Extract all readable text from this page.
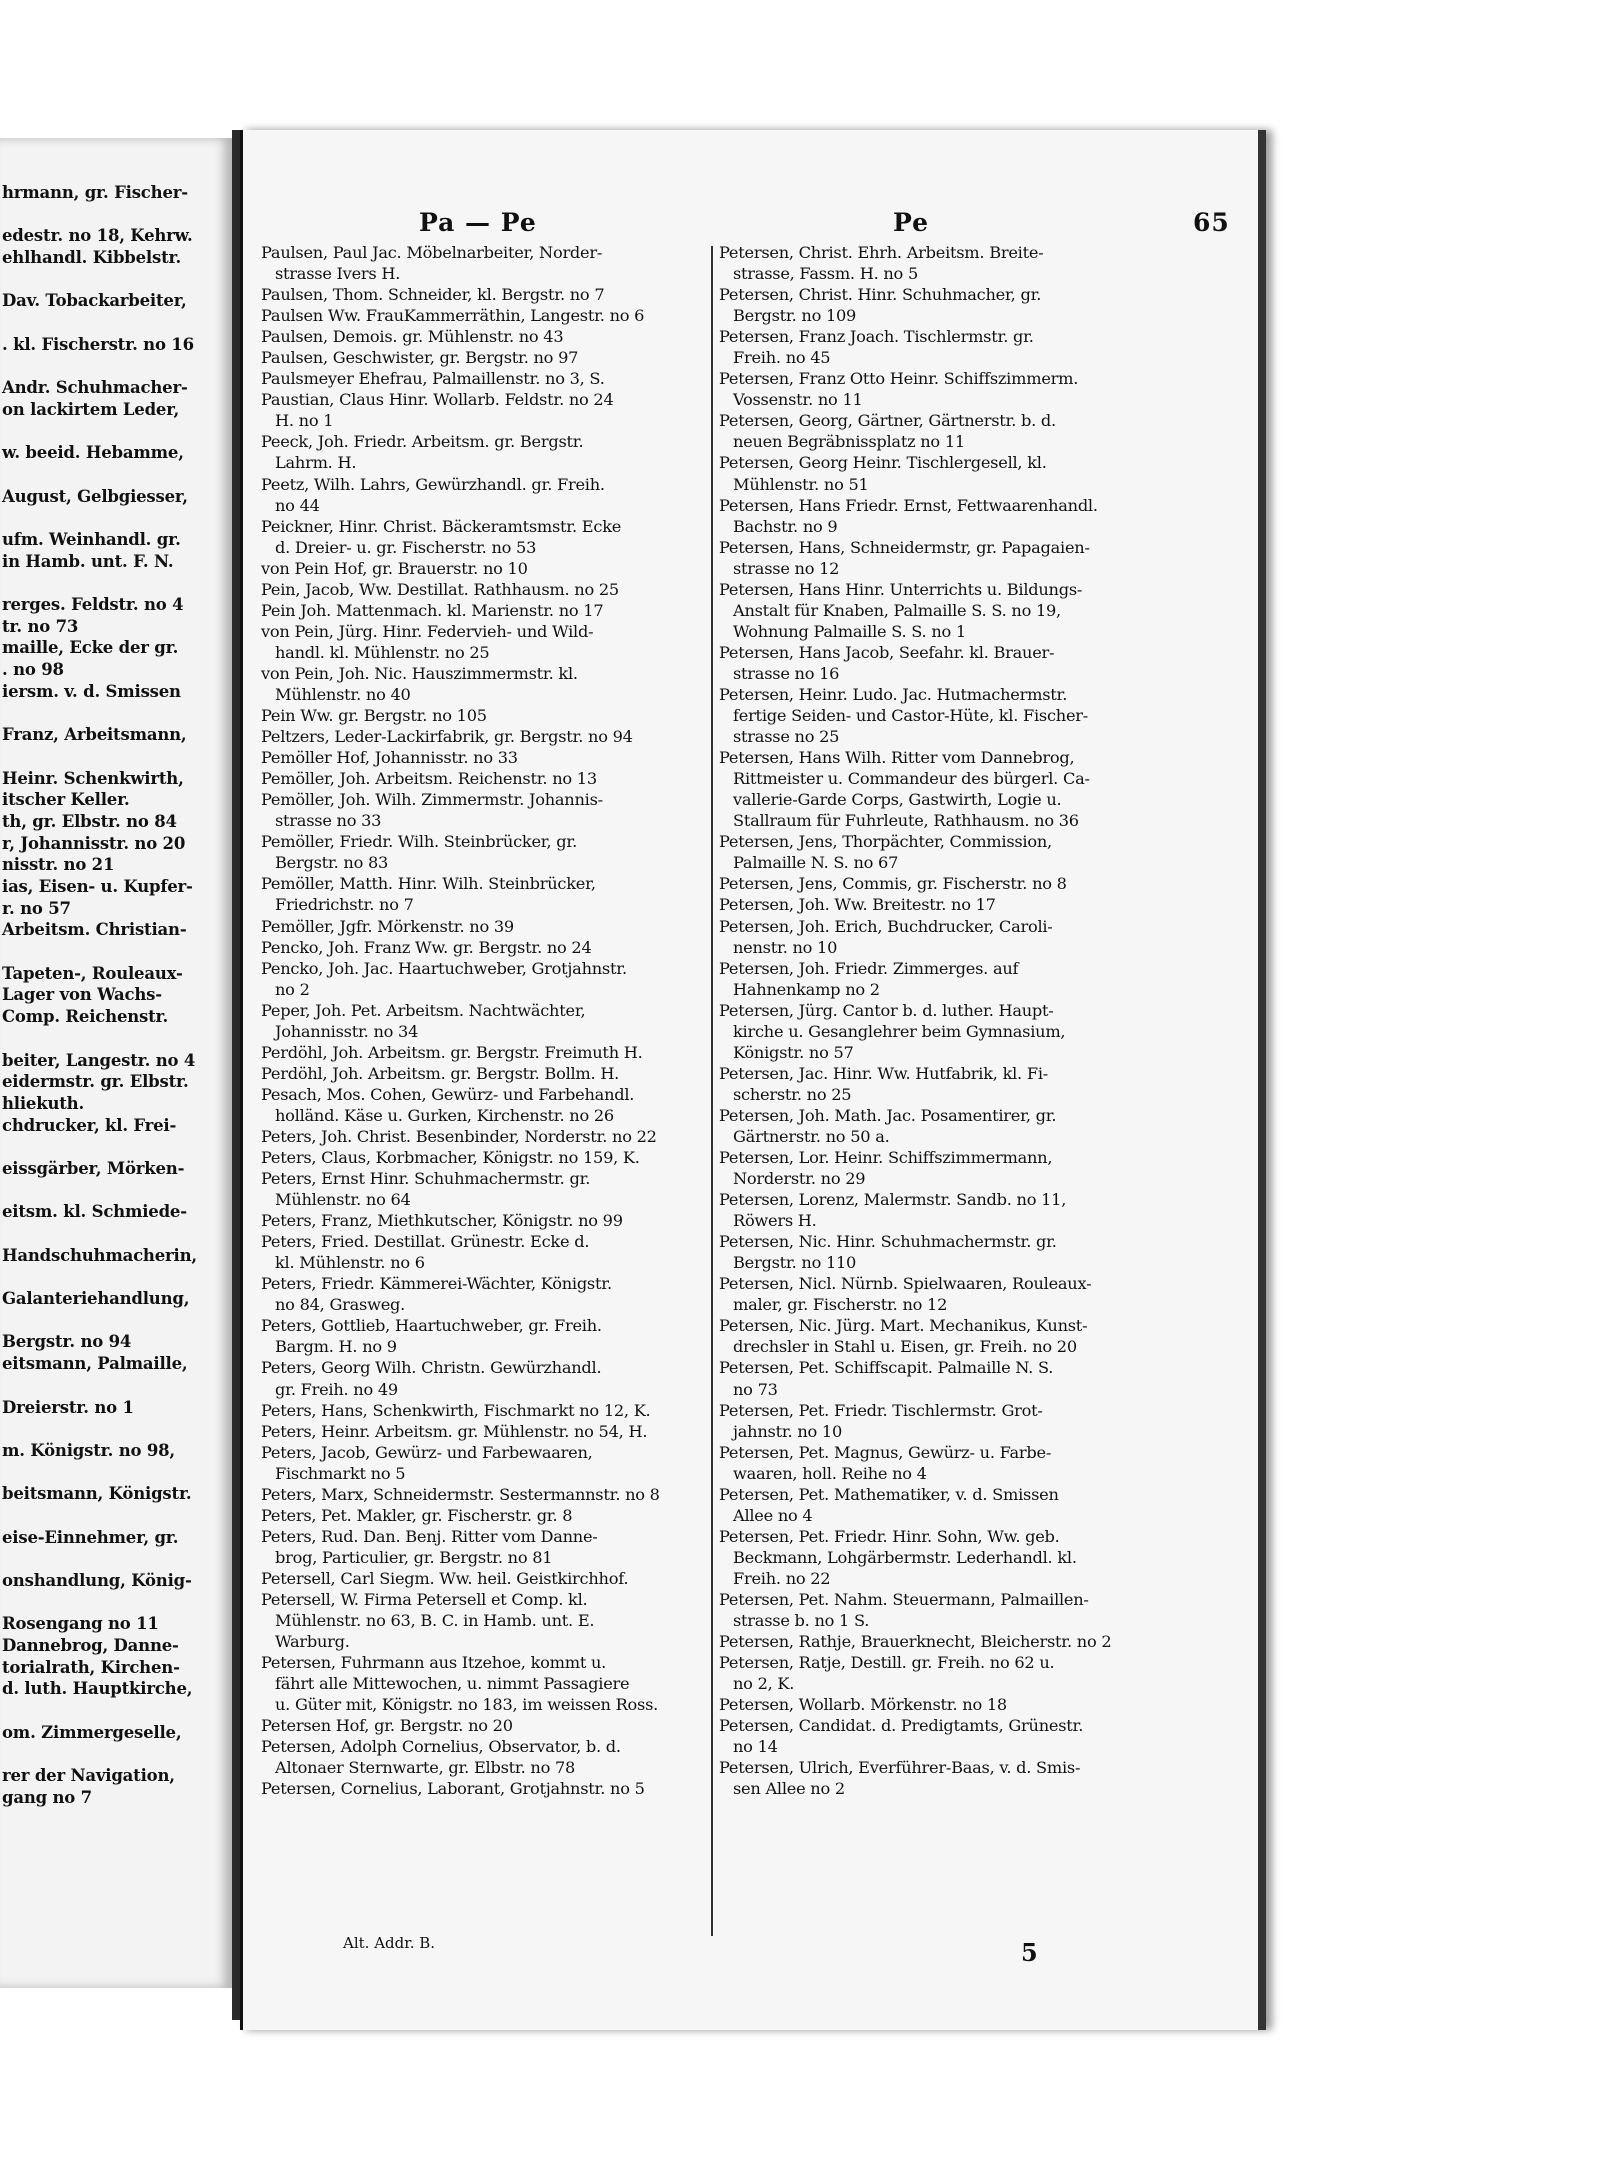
hrmann, gr. Fischer-
edestr. no 18, Kehrw.
ehlhandl. Kibbelstr.
Dav. Tobackarbeiter,
. kl. Fischerstr. no 16
Andr. Schuhmacher-
on lackirtem Leder,
w. beeid. Hebamme,
August, Gelbgiesser,
ufm. Weinhandl. gr.
in Hamb. unt. F. N.
rerges. Feldstr. no 4
tr. no 73
maille, Ecke der gr.
. no 98
iersm. v. d. Smissen
Franz, Arbeitsmann,
Heinr. Schenkwirth,
itscher Keller.
th, gr. Elbstr. no 84
r, Johannisstr. no 20
nisstr. no 21
ias, Eisen- u. Kupfer-
r. no 57
Arbeitsm. Christian-
Tapeten-, Rouleaux-
Lager von Wachs-
Comp. Reichenstr.
beiter, Langestr. no 4
eidermstr. gr. Elbstr.
hliekuth.
chdrucker, kl. Frei-
eissgärber, Mörken-
eitsm. kl. Schmiede-
Handschuhmacherin,
Galanteriehandlung,
Bergstr. no 94
eitsmann, Palmaille,
Dreierstr. no 1
m. Königstr. no 98,
beitsmann, Königstr.
eise-Einnehmer, gr.
onshandlung, König-
Rosengang no 11
Dannebrog, Danne-
torialrath, Kirchen-
d. luth. Hauptkirche,
om. Zimmergeselle,
rer der Navigation,
gang no 7
Pa — Pe	Pe	65
Paulsen, Paul Jac. Möbelnarbeiter, Norder-
strasse Ivers H.
Paulsen, Thom. Schneider, kl. Bergstr. no 7
Paulsen Ww. FrauKammerräthin, Langestr. no 6
Paulsen, Demois. gr. Mühlenstr. no 43
Paulsen, Geschwister, gr. Bergstr. no 97
Paulsmeyer Ehefrau, Palmaillenstr. no 3, S.
Paustian, Claus Hinr. Wollarb. Feldstr. no 24
H. no 1
Peeck, Joh. Friedr. Arbeitsm. gr. Bergstr.
Lahrm. H.
Peetz, Wilh. Lahrs, Gewürzhandl. gr. Freih.
no 44
Peickner, Hinr. Christ. Bäckeramtsmstr. Ecke
d. Dreier- u. gr. Fischerstr. no 53
von Pein Hof, gr. Brauerstr. no 10
Pein, Jacob, Ww. Destillat. Rathhausm. no 25
Pein Joh. Mattenmach. kl. Marienstr. no 17
von Pein, Jürg. Hinr. Federvieh- und Wild-
handl. kl. Mühlenstr. no 25
von Pein, Joh. Nic. Hauszimmermstr. kl.
Mühlenstr. no 40
Pein Ww. gr. Bergstr. no 105
Peltzers, Leder-Lackirfabrik, gr. Bergstr. no 94
Pemöller Hof, Johannisstr. no 33
Pemöller, Joh. Arbeitsm. Reichenstr. no 13
Pemöller, Joh. Wilh. Zimmermstr. Johannis-
strasse no 33
Pemöller, Friedr. Wilh. Steinbrücker, gr.
Bergstr. no 83
Pemöller, Matth. Hinr. Wilh. Steinbrücker,
Friedrichstr. no 7
Pemöller, Jgfr. Mörkenstr. no 39
Pencko, Joh. Franz Ww. gr. Bergstr. no 24
Pencko, Joh. Jac. Haartuchweber, Grotjahnstr.
no 2
Peper, Joh. Pet. Arbeitsm. Nachtwächter,
Johannisstr. no 34
Perdöhl, Joh. Arbeitsm. gr. Bergstr. Freimuth H.
Perdöhl, Joh. Arbeitsm. gr. Bergstr. Bollm. H.
Pesach, Mos. Cohen, Gewürz- und Farbehandl.
holländ. Käse u. Gurken, Kirchenstr. no 26
Peters, Joh. Christ. Besenbinder, Norderstr. no 22
Peters, Claus, Korbmacher, Königstr. no 159, K.
Peters, Ernst Hinr. Schuhmachermstr. gr.
Mühlenstr. no 64
Peters, Franz, Miethkutscher, Königstr. no 99
Peters, Fried. Destillat. Grünestr. Ecke d.
kl. Mühlenstr. no 6
Peters, Friedr. Kämmerei-Wächter, Königstr.
no 84, Grasweg.
Peters, Gottlieb, Haartuchweber, gr. Freih.
Bargm. H. no 9
Peters, Georg Wilh. Christn. Gewürzhandl.
gr. Freih. no 49
Peters, Hans, Schenkwirth, Fischmarkt no 12, K.
Peters, Heinr. Arbeitsm. gr. Mühlenstr. no 54, H.
Peters, Jacob, Gewürz- und Farbewaaren,
Fischmarkt no 5
Peters, Marx, Schneidermstr. Sestermannstr. no 8
Peters, Pet. Makler, gr. Fischerstr. gr. 8
Peters, Rud. Dan. Benj. Ritter vom Danne-
brog, Particulier, gr. Bergstr. no 81
Petersell, Carl Siegm. Ww. heil. Geistkirchhof.
Petersell, W. Firma Petersell et Comp. kl.
Mühlenstr. no 63, B. C. in Hamb. unt. E.
Warburg.
Petersen, Fuhrmann aus Itzehoe, kommt u.
fährt alle Mittewochen, u. nimmt Passagiere
u. Güter mit, Königstr. no 183, im weissen Ross.
Petersen Hof, gr. Bergstr. no 20
Petersen, Adolph Cornelius, Observator, b. d.
Altonaer Sternwarte, gr. Elbstr. no 78
Petersen, Cornelius, Laborant, Grotjahnstr. no 5
Petersen, Christ. Ehrh. Arbeitsm. Breite-
strasse, Fassm. H. no 5
Petersen, Christ. Hinr. Schuhmacher, gr.
Bergstr. no 109
Petersen, Franz Joach. Tischlermstr. gr.
Freih. no 45
Petersen, Franz Otto Heinr. Schiffszimmerm.
Vossenstr. no 11
Petersen, Georg, Gärtner, Gärtnerstr. b. d.
neuen Begräbnissplatz no 11
Petersen, Georg Heinr. Tischlergesell, kl.
Mühlenstr. no 51
Petersen, Hans Friedr. Ernst, Fettwaarenhandl.
Bachstr. no 9
Petersen, Hans, Schneidermstr, gr. Papagaien-
strasse no 12
Petersen, Hans Hinr. Unterrichts u. Bildungs-
Anstalt für Knaben, Palmaille S. S. no 19,
Wohnung Palmaille S. S. no 1
Petersen, Hans Jacob, Seefahr. kl. Brauer-
strasse no 16
Petersen, Heinr. Ludo. Jac. Hutmachermstr.
fertige Seiden- und Castor-Hüte, kl. Fischer-
strasse no 25
Petersen, Hans Wilh. Ritter vom Dannebrog,
Rittmeister u. Commandeur des bürgerl. Ca-
vallerie-Garde Corps, Gastwirth, Logie u.
Stallraum für Fuhrleute, Rathhausm. no 36
Petersen, Jens, Thorpächter, Commission,
Palmaille N. S. no 67
Petersen, Jens, Commis, gr. Fischerstr. no 8
Petersen, Joh. Ww. Breitestr. no 17
Petersen, Joh. Erich, Buchdrucker, Caroli-
nenstr. no 10
Petersen, Joh. Friedr. Zimmerges. auf
Hahnenkamp no 2
Petersen, Jürg. Cantor b. d. luther. Haupt-
kirche u. Gesanglehrer beim Gymnasium,
Königstr. no 57
Petersen, Jac. Hinr. Ww. Hutfabrik, kl. Fi-
scherstr. no 25
Petersen, Joh. Math. Jac. Posamentirer, gr.
Gärtnerstr. no 50 a.
Petersen, Lor. Heinr. Schiffszimmermann,
Norderstr. no 29
Petersen, Lorenz, Malermstr. Sandb. no 11,
Röwers H.
Petersen, Nic. Hinr. Schuhmachermstr. gr.
Bergstr. no 110
Petersen, Nicl. Nürnb. Spielwaaren, Rouleaux-
maler, gr. Fischerstr. no 12
Petersen, Nic. Jürg. Mart. Mechanikus, Kunst-
drechsler in Stahl u. Eisen, gr. Freih. no 20
Petersen, Pet. Schiffscapit. Palmaille N. S.
no 73
Petersen, Pet. Friedr. Tischlermstr. Grot-
jahnstr. no 10
Petersen, Pet. Magnus, Gewürz- u. Farbe-
waaren, holl. Reihe no 4
Petersen, Pet. Mathematiker, v. d. Smissen
Allee no 4
Petersen, Pet. Friedr. Hinr. Sohn, Ww. geb.
Beckmann, Lohgärbermstr. Lederhandl. kl.
Freih. no 22
Petersen, Pet. Nahm. Steuermann, Palmaillen-
strasse b. no 1 S.
Petersen, Rathje, Brauerknecht, Bleicherstr. no 2
Petersen, Ratje, Destill. gr. Freih. no 62 u.
no 2, K.
Petersen, Wollarb. Mörkenstr. no 18
Petersen, Candidat. d. Predigtamts, Grünestr.
no 14
Petersen, Ulrich, Everführer-Baas, v. d. Smis-
sen Allee no 2
Alt. Addr. B.	5
